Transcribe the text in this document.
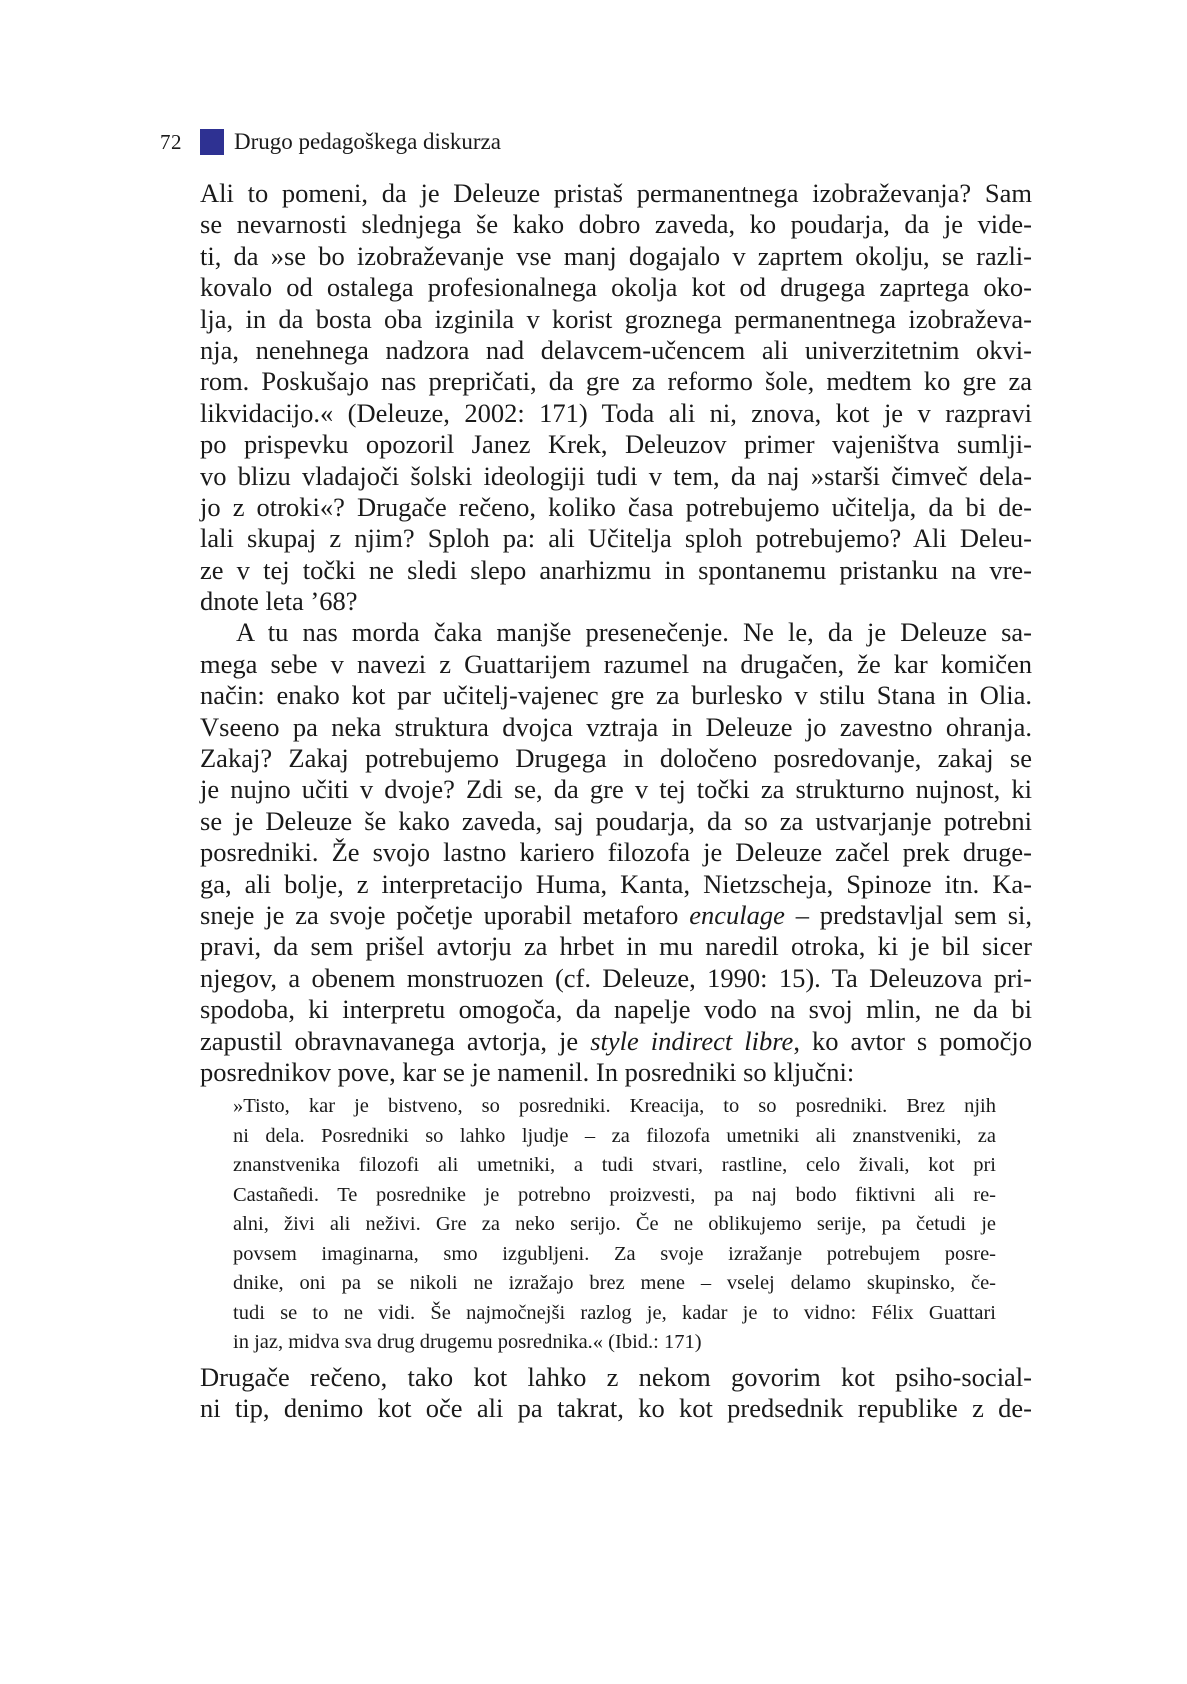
72	Drugo pedagoškega diskurza
Ali to pomeni, da je Deleuze pristaš permanentnega izobraževanja? Sam
se nevarnosti slednjega še kako dobro zaveda, ko poudarja, da je vide-
ti, da »se bo izobraževanje vse manj dogajalo v zaprtem okolju, se razli-
kovalo od ostalega profesionalnega okolja kot od drugega zaprtega oko-
lja, in da bosta oba izginila v korist groznega permanentnega izobraževa-
nja, nenehnega nadzora nad delavcem-učencem ali univerzitetnim okvi-
rom. Poskušajo nas prepričati, da gre za reformo šole, medtem ko gre za
likvidacijo.« (Deleuze, 2002: 171) Toda ali ni, znova, kot je v razpravi
po prispevku opozoril Janez Krek, Deleuzov primer vajeništva sumlji-
vo blizu vladajoči šolski ideologiji tudi v tem, da naj »starši čimveč dela-
jo z otroki«? Drugače rečeno, koliko časa potrebujemo učitelja, da bi de-
lali skupaj z njim? Sploh pa: ali Učitelja sploh potrebujemo? Ali Deleu-
ze v tej točki ne sledi slepo anarhizmu in spontanemu pristanku na vre-
dnote leta ’68?
A tu nas morda čaka manjše presenečenje. Ne le, da je Deleuze sa-
mega sebe v navezi z Guattarijem razumel na drugačen, že kar komičen
način: enako kot par učitelj-vajenec gre za burlesko v stilu Stana in Olia.
Vseeno pa neka struktura dvojca vztraja in Deleuze jo zavestno ohranja.
Zakaj? Zakaj potrebujemo Drugega in določeno posredovanje, zakaj se
je nujno učiti v dvoje? Zdi se, da gre v tej točki za strukturno nujnost, ki
se je Deleuze še kako zaveda, saj poudarja, da so za ustvarjanje potrebni
posredniki. Že svojo lastno kariero filozofa je Deleuze začel prek druge-
ga, ali bolje, z interpretacijo Huma, Kanta, Nietzscheja, Spinoze itn. Ka-
sneje je za svoje početje uporabil metaforo enculage – predstavljal sem si,
pravi, da sem prišel avtorju za hrbet in mu naredil otroka, ki je bil sicer
njegov, a obenem monstruozen (cf. Deleuze, 1990: 15). Ta Deleuzova pri-
spodoba, ki interpretu omogoča, da napelje vodo na svoj mlin, ne da bi
zapustil obravnavanega avtorja, je style indirect libre, ko avtor s pomočjo
posrednikov pove, kar se je namenil. In posredniki so ključni:
»Tisto, kar je bistveno, so posredniki. Kreacija, to so posredniki. Brez njih
ni dela. Posredniki so lahko ljudje – za filozofa umetniki ali znanstveniki, za
znanstvenika filozofi ali umetniki, a tudi stvari, rastline, celo živali, kot pri
Castañedi. Te posrednike je potrebno proizvesti, pa naj bodo fiktivni ali re-
alni, živi ali neživi. Gre za neko serijo. Če ne oblikujemo serije, pa četudi je
povsem imaginarna, smo izgubljeni. Za svoje izražanje potrebujem posre-
dnike, oni pa se nikoli ne izražajo brez mene – vselej delamo skupinsko, če-
tudi se to ne vidi. Še najmočnejši razlog je, kadar je to vidno: Félix Guattari
in jaz, midva sva drug drugemu posrednika.« (Ibid.: 171)
Drugače rečeno, tako kot lahko z nekom govorim kot psiho-social-
ni tip, denimo kot oče ali pa takrat, ko kot predsednik republike z de-
